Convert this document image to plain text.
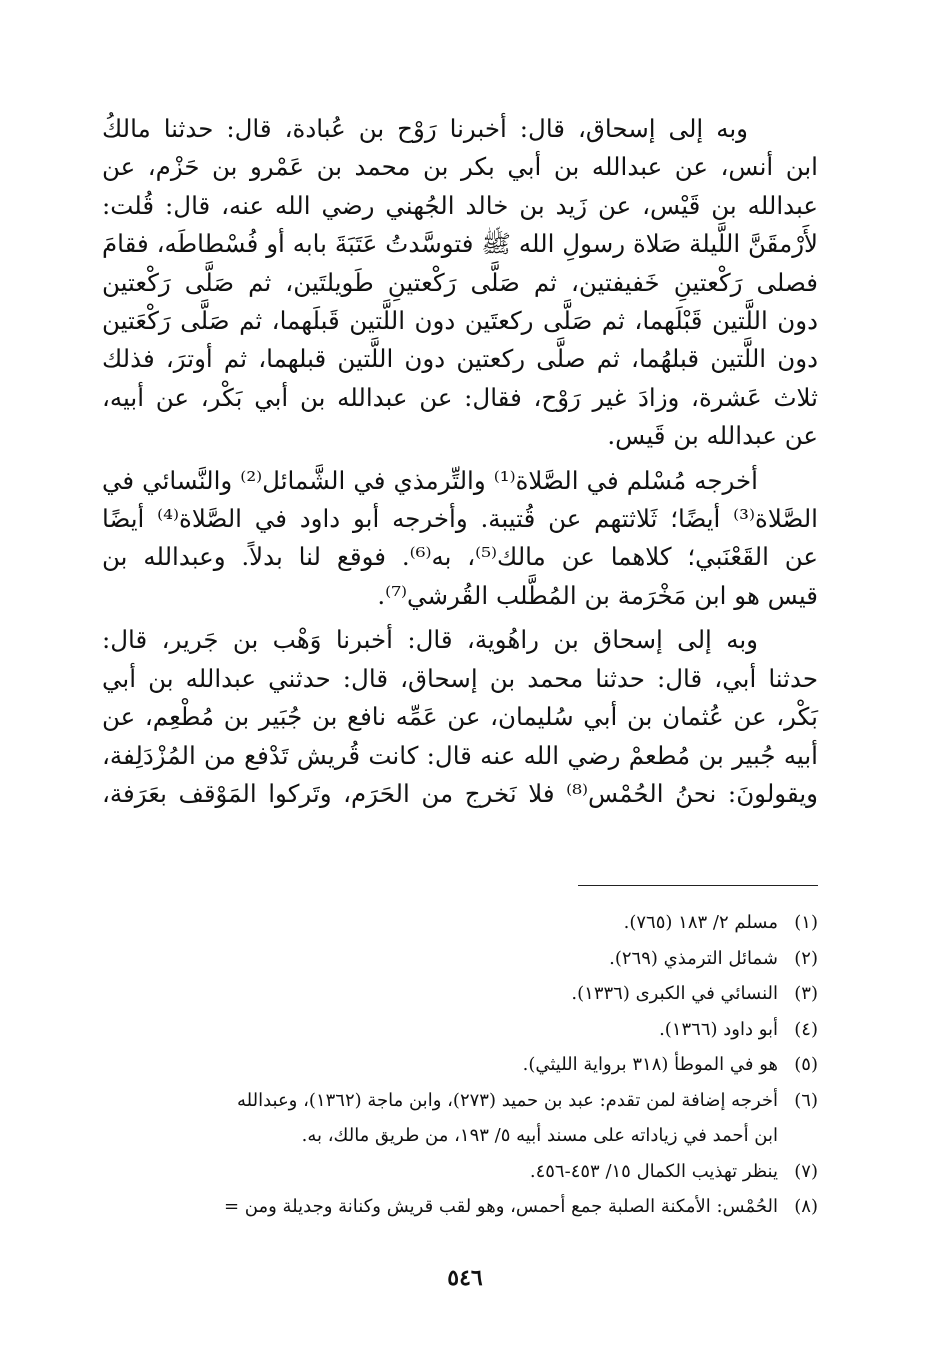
وبه إلى إسحاق، قال: أخبرنا رَوْح بن عُبادة، قال: حدثنا مالكُ
ابن أنس، عن عبدالله بن أبي بكر بن محمد بن عَمْرو بن حَزْم، عن
عبدالله بن قَيْس، عن زَيد بن خالد الجُهني رضي الله عنه، قال: قُلت:
لأَرْمقَنَّ اللَّيلة صَلاة رسولِ الله ﷺ فتوسَّدتُ عَتَبَةَ بابه أو فُسْطاطَه، فقامَ
فصلى رَكْعتينِ خَفيفتين، ثم صَلَّى رَكْعتينِ طَويلتَين، ثم صَلَّى رَكْعتين
دون اللَّتين قَبْلَهما، ثم صَلَّى ركعتَين دون اللَّتين قَبلَهما، ثم صَلَّى رَكْعَتين
دون اللَّتين قبلهُما، ثم صلَّى ركعتين دون اللَّتين قبلهما، ثم أوترَ، فذلك
ثلاث عَشرة، وزادَ غير رَوْح، فقال: عن عبدالله بن أبي بَكْر، عن أبيه،
عن عبدالله بن قَيس.

أخرجه مُسْلم في الصَّلاة⁽¹⁾ والتِّرمذي في الشَّمائل⁽²⁾ والنَّسائي في
الصَّلاة⁽³⁾ أيضًا؛ ثَلاثتهم عن قُتيبة. وأخرجه أبو داود في الصَّلاة⁽⁴⁾ أيضًا
عن القَعْنَبي؛ كلاهما عن مالك⁽⁵⁾، به⁽⁶⁾. فوقع لنا بدلاً. وعبدالله بن
قيس هو ابن مَخْرَمة بن المُطَّلب القُرشي⁽⁷⁾.

وبه إلى إسحاق بن راهُوية، قال: أخبرنا وَهْب بن جَرير، قال:
حدثنا أبي، قال: حدثنا محمد بن إسحاق، قال: حدثني عبدالله بن أبي
بَكْر، عن عُثمان بن أبي سُليمان، عن عَمِّه نافع بن جُبَير بن مُطْعِم، عن
أبيه جُبير بن مُطعمْ رضي الله عنه قال: كانت قُريش تَدْفع من المُزْدَلِفة،
ويقولونَ: نحنُ الحُمْس⁽⁸⁾ فلا نَخرج من الحَرَم، وتَركوا المَوْقف بعَرَفة،

(١)
مسلم ٢/ ١٨٣ (٧٦٥).
(٢)
شمائل الترمذي (٢٦٩).
(٣)
النسائي في الكبرى (١٣٣٦).
(٤)
أبو داود (١٣٦٦).
(٥)
هو في الموطأ (٣١٨ برواية الليثي).
(٦)
أخرجه إضافة لمن تقدم: عبد بن حميد (٢٧٣)، وابن ماجة (١٣٦٢)، وعبدالله
ابن أحمد في زياداته على مسند أبيه ٥/ ١٩٣، من طريق مالك، به.
(٧)
ينظر تهذيب الكمال ١٥/ ٤٥٣-٤٥٦.
(٨)
الحُمْس: الأمكنة الصلبة جمع أحمس، وهو لقب قريش وكنانة وجديلة ومن =
٥٤٦
